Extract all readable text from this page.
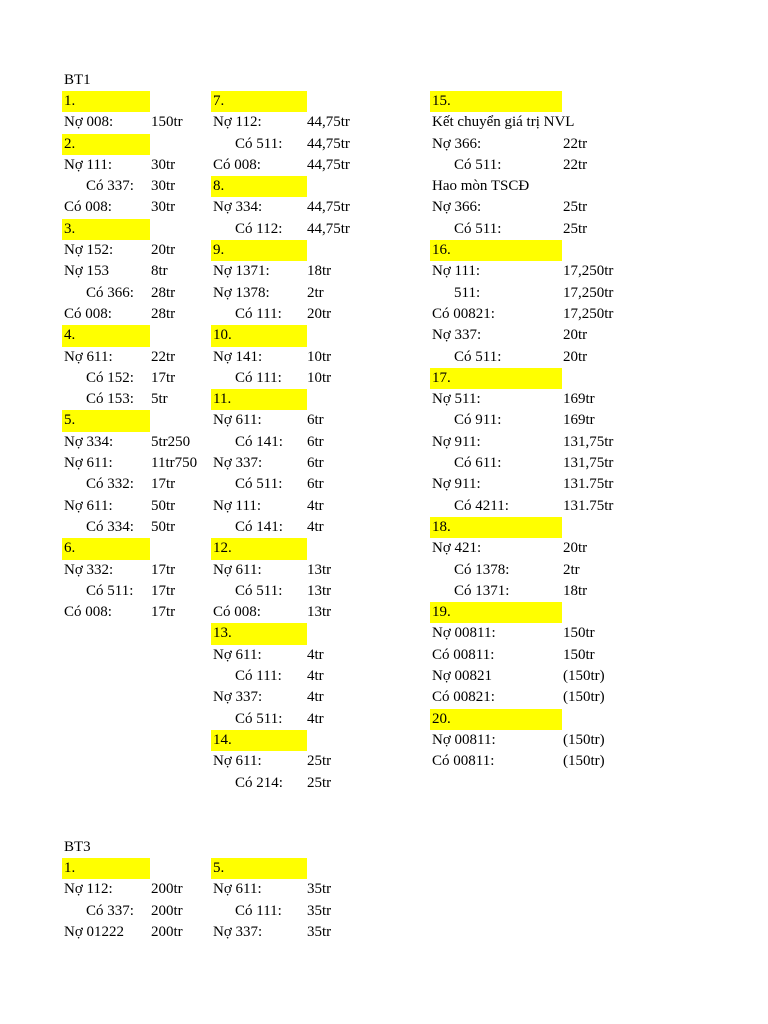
BT1
1.
Nợ 008:	150tr
2.
Nợ 111:	30tr
Có 337: 30tr
Có 008:	30tr
3.
Nợ 152:	20tr
Nợ 153	8tr
Có 366: 28tr
Có 008:	28tr
4.
Nợ 611:	22tr
Có 152: 17tr
Có 153: 5tr
5.
Nợ 334:	5tr250
Nợ 611:	11tr750
Có 332: 17tr
Nợ 611:	50tr
Có 334: 50tr
6.
Nợ 332:	17tr
Có 511: 17tr
Có 008:	17tr
7.
Nợ 112:	44,75tr
Có 511: 44,75tr
Có 008:	44,75tr
8.
Nợ 334:	44,75tr
Có 112: 44,75tr
9.
Nợ 1371: 18tr
Nợ 1378: 2tr
Có 111: 20tr
10.
Nợ 141:	10tr
Có 111: 10tr
11.
Nợ 611:	6tr
Có 141: 6tr
Nợ 337:	6tr
Có 511: 6tr
Nợ 111:	4tr
Có 141: 4tr
12.
Nợ 611:	13tr
Có 511: 13tr
Có 008:	13tr
13.
Nợ 611:	4tr
Có 111: 4tr
Nợ 337:	4tr
Có 511: 4tr
14.
Nợ 611:	25tr
Có 214: 25tr
15.
Kết chuyển giá trị NVL
Nợ 366:	22tr
Có 511:	22tr
Hao mòn TSCĐ
Nợ 366:	25tr
Có 511:	25tr
16.
Nợ 111:	17,250tr
511:	17,250tr
Có 00821:	17,250tr
Nợ 337:	20tr
Có 511:	20tr
17.
Nợ 511:	169tr
Có 911:	169tr
Nợ 911:	131,75tr
Có 611:	131,75tr
Nợ 911:	131.75tr
Có 4211:	131.75tr
18.
Nợ 421:	20tr
Có 1378:	2tr
Có 1371:	18tr
19.
Nợ 00811:	150tr
Có 00811:	150tr
Nợ 00821	(150tr)
Có 00821:	(150tr)
20.
Nợ 00811:	(150tr)
Có 00811:	(150tr)
BT3
1.
Nợ 112:	200tr
Có 337: 200tr
Nợ 01222 200tr
5.
Nợ 611:	35tr
Có 111: 35tr
Nợ 337:	35tr
